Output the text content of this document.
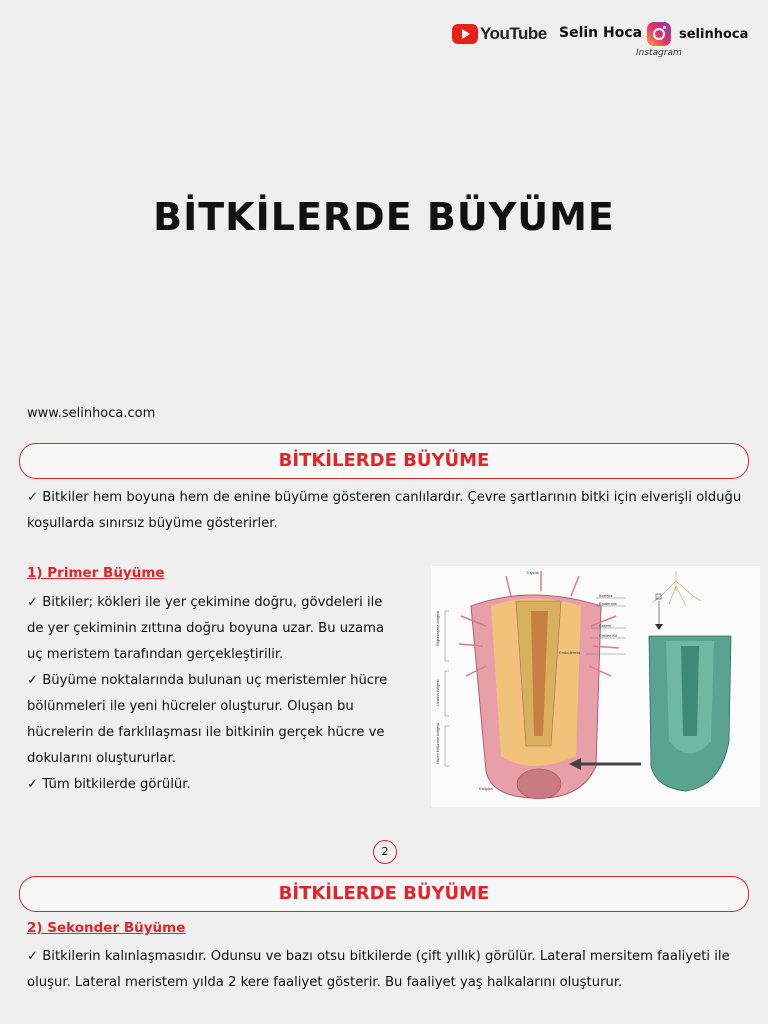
YouTube Selin Hoca
Instagram
selinhoca
BİTKİLERDE BÜYÜME
www.selinhoca.com
BİTKİLERDE BÜYÜME
✓ Bitkiler hem boyuna hem de enine büyüme gösteren canlılardır. Çevre şartlarının bitki için elverişli olduğu koşullarda sınırsız büyüme gösterirler.
1) Primer Büyüme
✓ Bitkiler; kökleri ile yer çekimine doğru, gövdeleri ile de yer çekiminin zıttına doğru boyuna uzar. Bu uzama uç meristem tarafından gerçekleştirilir.
✓ Büyüme noktalarında bulunan uç meristemler hücre bölünmeleri ile yeni hücreler oluşturur. Oluşan bu hücrelerin de farklılaşması ile bitkinin gerçek hücre ve dokularını oluştururlar.
✓ Tüm bitkilerde görülür.
Tüycük
Korteks
Epidermis
Ksilem
Emilim Kıl
Endodermis
Olgunlaşma bölgesi
Uzama bölgesi
Hücre bölünme bölgesi
Kaliptra
2
BİTKİLERDE BÜYÜME
2) Sekonder Büyüme
✓ Bitkilerin kalınlaşmasıdır. Odunsu ve bazı otsu bitkilerde (çift yıllık) görülür. Lateral mersitem faaliyeti ile oluşur. Lateral meristem yılda 2 kere faaliyet gösterir. Bu faaliyet yaş halkalarını oluşturur.
